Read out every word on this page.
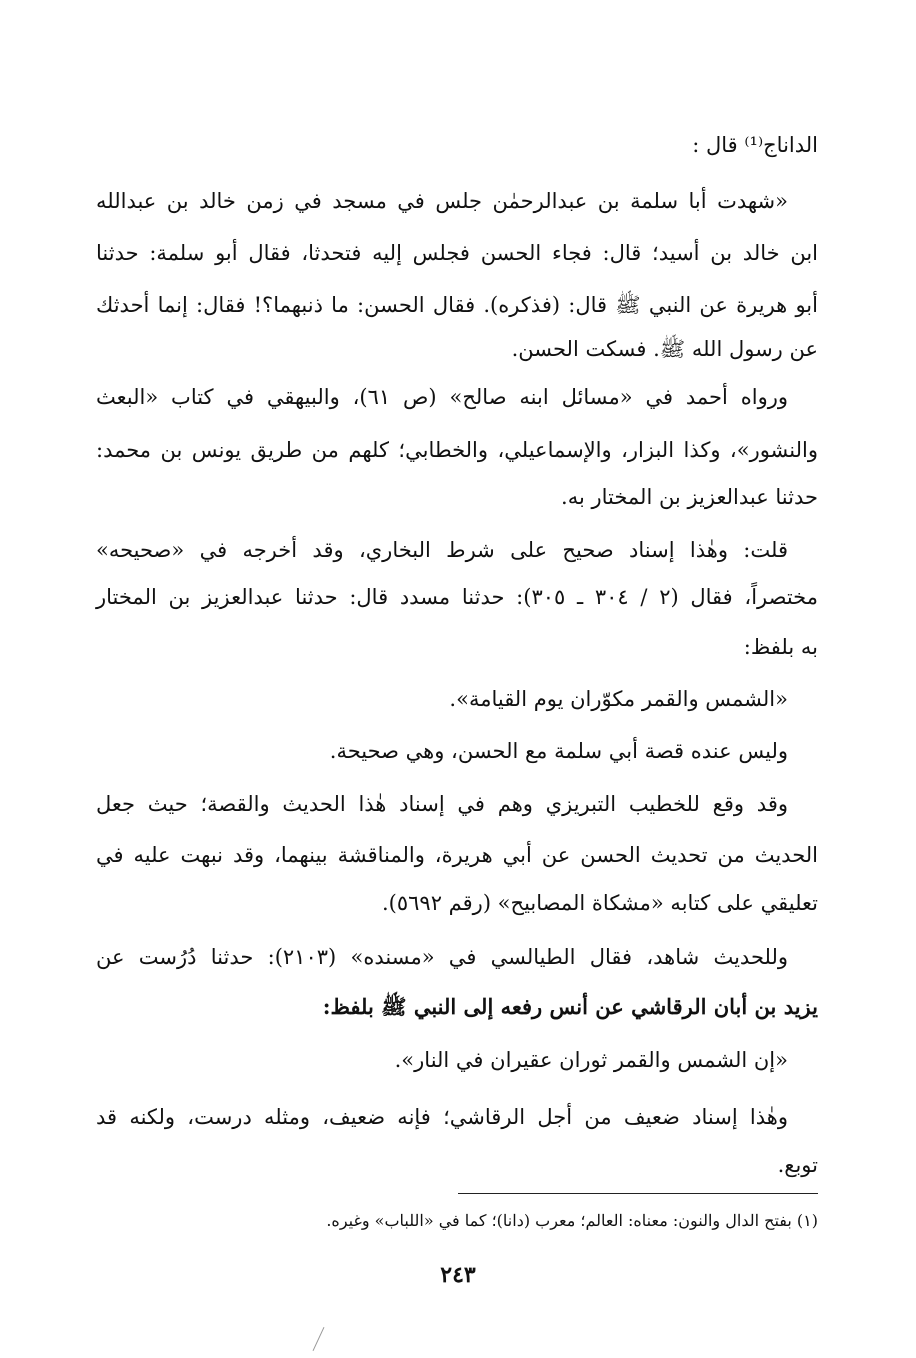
الداناج⁽¹⁾ قال :
«شهدت أبا سلمة بن عبدالرحمٰن جلس في مسجد في زمن خالد بن عبدالله
ابن خالد بن أسيد؛ قال: فجاء الحسن فجلس إليه فتحدثا، فقال أبو سلمة: حدثنا
أبو هريرة عن النبي ﷺ قال: (فذكره). فقال الحسن: ما ذنبهما؟! فقال: إنما أحدثك
عن رسول الله ﷺ. فسكت الحسن.
ورواه أحمد في «مسائل ابنه صالح» (ص ٦١)، والبيهقي في كتاب «البعث
والنشور»، وكذا البزار، والإسماعيلي، والخطابي؛ كلهم من طريق يونس بن محمد:
حدثنا عبدالعزيز بن المختار به.
قلت: وهٰذا إسناد صحيح على شرط البخاري، وقد أخرجه في «صحيحه»
مختصراً، فقال (٢ / ٣٠٤ ـ ٣٠٥): حدثنا مسدد قال: حدثنا عبدالعزيز بن المختار
به بلفظ:
«الشمس والقمر مكوّران يوم القيامة».
وليس عنده قصة أبي سلمة مع الحسن، وهي صحيحة.
وقد وقع للخطيب التبريزي وهم في إسناد هٰذا الحديث والقصة؛ حيث جعل
الحديث من تحديث الحسن عن أبي هريرة، والمناقشة بينهما، وقد نبهت عليه في
تعليقي على كتابه «مشكاة المصابيح» (رقم ٥٦٩٢).
وللحديث شاهد، فقال الطيالسي في «مسنده» (٢١٠٣): حدثنا دُرُست عن
يزيد بن أبان الرقاشي عن أنس رفعه إلى النبي ﷺ بلفظ:
«إن الشمس والقمر ثوران عقيران في النار».
وهٰذا إسناد ضعيف من أجل الرقاشي؛ فإنه ضعيف، ومثله درست، ولكنه قد
توبع.
(١) بفتح الدال والنون: معناه: العالم؛ معرب (دانا)؛ كما في «اللباب» وغيره.
٢٤٣
